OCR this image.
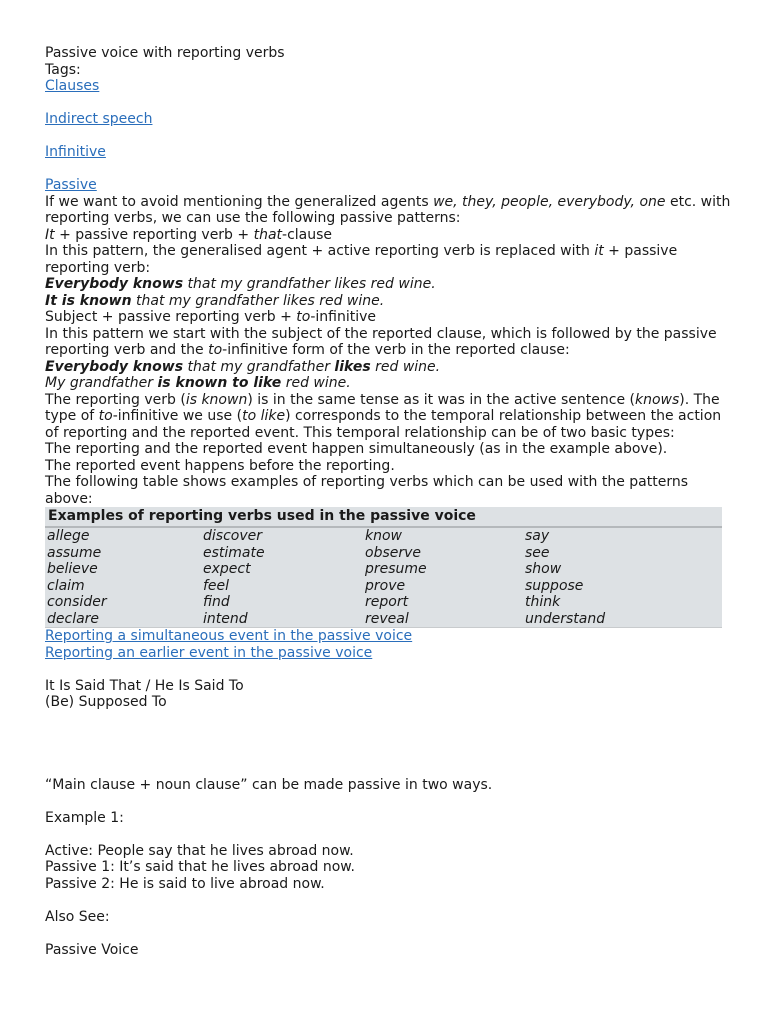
Passive voice with reporting verbs
Tags:
Clauses
Indirect speech
Infinitive
Passive
If we want to avoid mentioning the generalized agents we, they, people, everybody, one etc. with reporting verbs, we can use the following passive patterns:
It + passive reporting verb + that-clause
In this pattern, the generalised agent + active reporting verb is replaced with it + passive reporting verb:
Everybody knows that my grandfather likes red wine.
It is known that my grandfather likes red wine.
Subject + passive reporting verb + to-infinitive
In this pattern we start with the subject of the reported clause, which is followed by the passive reporting verb and the to-infinitive form of the verb in the reported clause:
Everybody knows that my grandfather likes red wine.
My grandfather is known to like red wine.
The reporting verb (is known) is in the same tense as it was in the active sentence (knows). The type of to-infinitive we use (to like) corresponds to the temporal relationship between the action of reporting and the reported event. This temporal relationship can be of two basic types:
The reporting and the reported event happen simultaneously (as in the example above).
The reported event happens before the reporting.
The following table shows examples of reporting verbs which can be used with the patterns above:
Examples of reporting verbs used in the passive voice			
allege	discover	know	say
assume	estimate	observe	see
believe	expect	presume	show
claim	feel	prove	suppose
consider	find	report	think
declare	intend	reveal	understand
Reporting a simultaneous event in the passive voice
Reporting an earlier event in the passive voice
It Is Said That / He Is Said To
(Be) Supposed To
“Main clause + noun clause” can be made passive in two ways.
Example 1:
Active: People say that he lives abroad now.
Passive 1: It’s said that he lives abroad now.
Passive 2: He is said to live abroad now.
Also See:
Passive Voice
